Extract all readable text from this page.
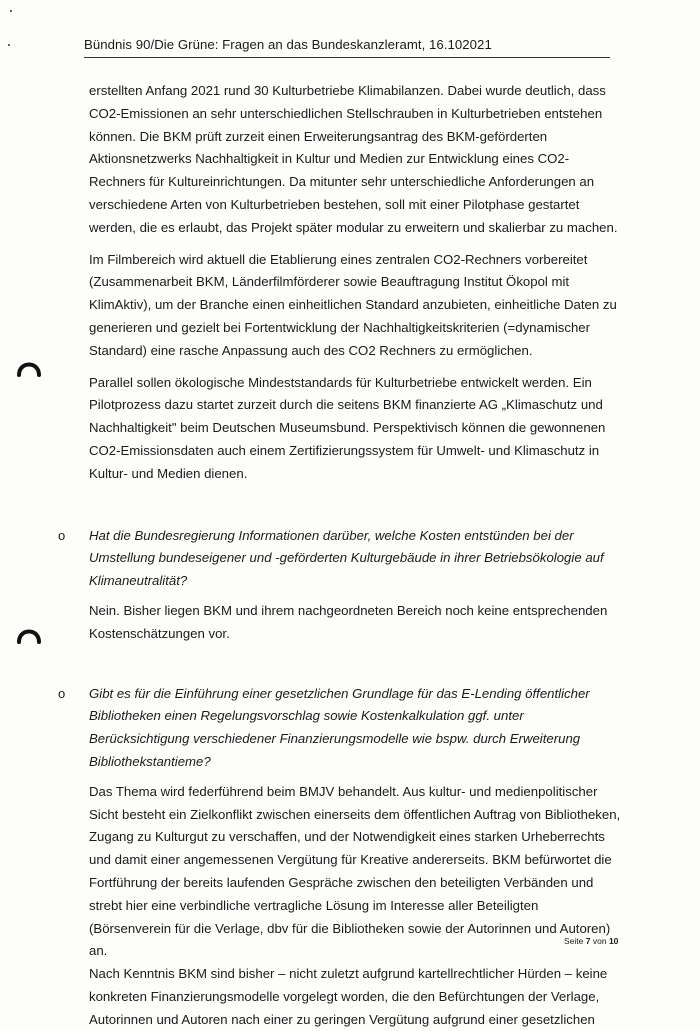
Bündnis 90/Die Grüne: Fragen an das Bundeskanzleramt, 16.102021

erstellten Anfang 2021 rund 30 Kulturbetriebe Klimabilanzen. Dabei wurde deutlich, dass CO2-Emissionen an sehr unterschiedlichen Stellschrauben in Kulturbetrieben entstehen können. Die BKM prüft zurzeit einen Erweiterungsantrag des BKM-geförderten Aktionsnetzwerks Nachhaltigkeit in Kultur und Medien zur Entwicklung eines CO2-Rechners für Kultureinrichtungen. Da mitunter sehr unterschiedliche Anforderungen an verschiedene Arten von Kulturbetrieben bestehen, soll mit einer Pilotphase gestartet werden, die es erlaubt, das Projekt später modular zu erweitern und skalierbar zu machen.

Im Filmbereich wird aktuell die Etablierung eines zentralen CO2-Rechners vorbereitet (Zusammenarbeit BKM, Länderfilmförderer sowie Beauftragung Institut Ökopol mit KlimAktiv), um der Branche einen einheitlichen Standard anzubieten, einheitliche Daten zu generieren und gezielt bei Fortentwicklung der Nachhaltigkeitskriterien (=dynamischer Standard) eine rasche Anpassung auch des CO2 Rechners zu ermöglichen.

Parallel sollen ökologische Mindeststandards für Kulturbetriebe entwickelt werden. Ein Pilotprozess dazu startet zurzeit durch die seitens BKM finanzierte AG „Klimaschutz und Nachhaltigkeit" beim Deutschen Museumsbund. Perspektivisch können die gewonnenen CO2-Emissionsdaten auch einem Zertifizierungssystem für Umwelt- und Klimaschutz in Kultur- und Medien dienen.

o Hat die Bundesregierung Informationen darüber, welche Kosten entstünden bei der Umstellung bundeseigener und -geförderten Kulturgebäude in ihrer Betriebsökologie auf Klimaneutralität?

Nein. Bisher liegen BKM und ihrem nachgeordneten Bereich noch keine entsprechenden Kostenschätzungen vor.

o Gibt es für die Einführung einer gesetzlichen Grundlage für das E-Lending öffentlicher Bibliotheken einen Regelungsvorschlag sowie Kostenkalkulation ggf. unter Berücksichtigung verschiedener Finanzierungsmodelle wie bspw. durch Erweiterung Bibliothekstantieme?

Das Thema wird federführend beim BMJV behandelt. Aus kultur- und medienpolitischer Sicht besteht ein Zielkonflikt zwischen einerseits dem öffentlichen Auftrag von Bibliotheken, Zugang zu Kulturgut zu verschaffen, und der Notwendigkeit eines starken Urheberrechts und damit einer angemessenen Vergütung für Kreative andererseits. BKM befürwortet die Fortführung der bereits laufenden Gespräche zwischen den beteiligten Verbänden und strebt hier eine verbindliche vertragliche Lösung im Interesse aller Beteiligten (Börsenverein für die Verlage, dbv für die Bibliotheken sowie der Autorinnen und Autoren) an.

Nach Kenntnis BKM sind bisher – nicht zuletzt aufgrund kartellrechtlicher Hürden – keine konkreten Finanzierungsmodelle vorgelegt worden, die den Befürchtungen der Verlage, Autorinnen und Autoren nach einer zu geringen Vergütung aufgrund einer gesetzlichen

Seite 7 von 10
